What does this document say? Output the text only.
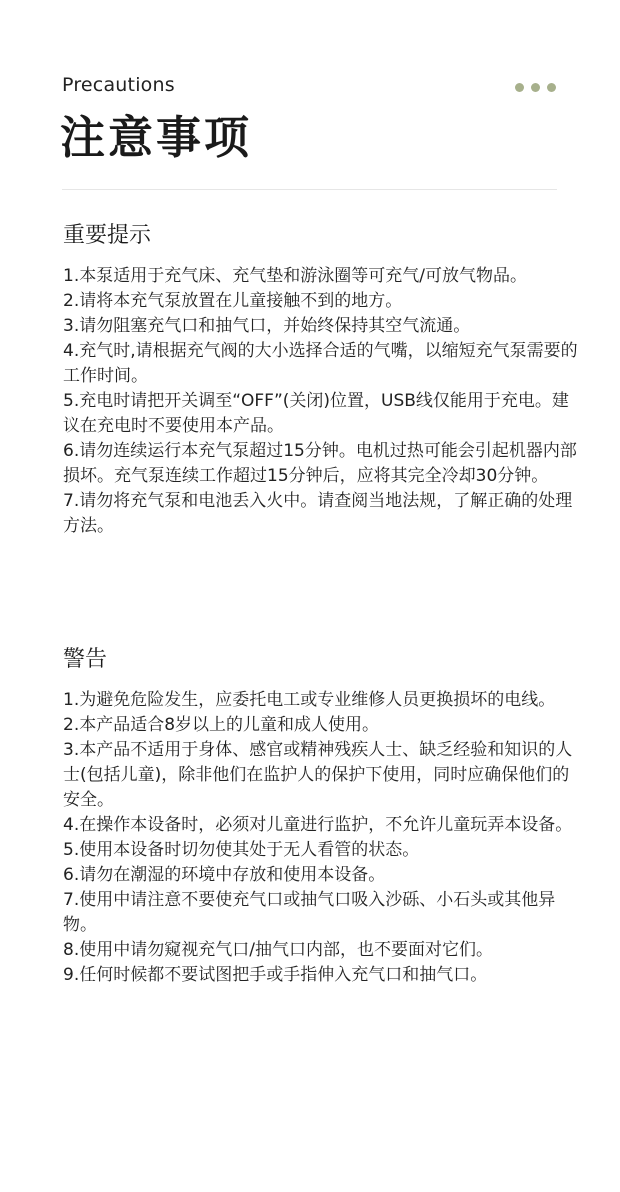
Precautions
注意事项
重要提示
1.本泵适用于充气床、充气垫和游泳圈等可充气/可放气物品。
2.请将本充气泵放置在儿童接触不到的地方。
3.请勿阻塞充气口和抽气口，并始终保持其空气流通。
4.充气时,请根据充气阀的大小选择合适的气嘴，以缩短充气泵需要的工作时间。
5.充电时请把开关调至“OFF”(关闭)位置，USB线仅能用于充电。建议在充电时不要使用本产品。
6.请勿连续运行本充气泵超过15分钟。电机过热可能会引起机器内部损坏。充气泵连续工作超过15分钟后，应将其完全冷却30分钟。
7.请勿将充气泵和电池丢入火中。请查阅当地法规，了解正确的处理方法。
警告
1.为避免危险发生，应委托电工或专业维修人员更换损坏的电线。
2.本产品适合8岁以上的儿童和成人使用。
3.本产品不适用于身体、感官或精神残疾人士、缺乏经验和知识的人士(包括儿童)，除非他们在监护人的保护下使用，同时应确保他们的安全。
4.在操作本设备时，必须对儿童进行监护，不允许儿童玩弄本设备。
5.使用本设备时切勿使其处于无人看管的状态。
6.请勿在潮湿的环境中存放和使用本设备。
7.使用中请注意不要使充气口或抽气口吸入沙砾、小石头或其他异物。
8.使用中请勿窥视充气口/抽气口内部，也不要面对它们。
9.任何时候都不要试图把手或手指伸入充气口和抽气口。
